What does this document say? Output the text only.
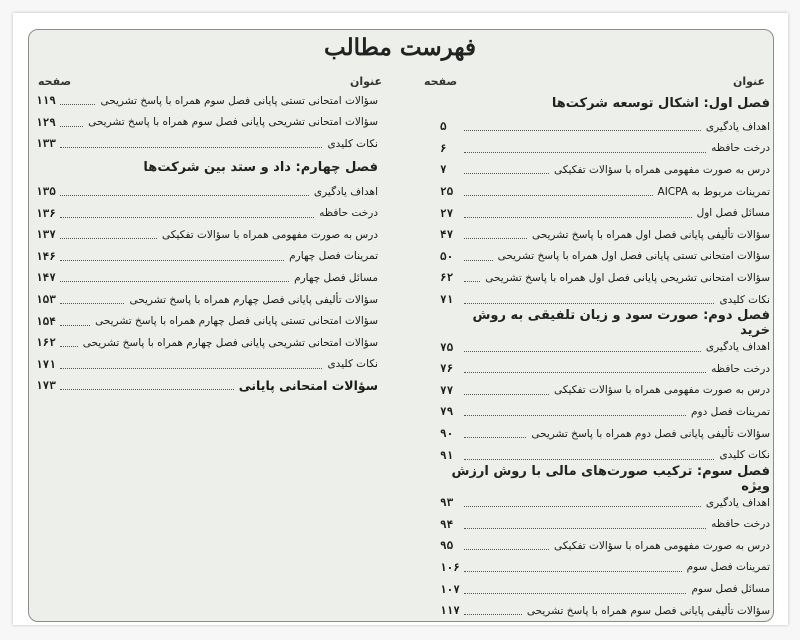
فهرست مطالب
عنوان
صفحه
عنوان
صفحه
فصل اول: اشکال توسعه شرکت‌ها
اهداف یادگیری
۵
درخت حافظه
۶
درس به صورت مفهومی همراه با سؤالات تفکیکی
۷
تمرینات مربوط به AICPA
۲۵
مسائل فصل اول
۲۷
سؤالات تألیفی پایانی فصل اول همراه با پاسخ تشریحی
۴۷
سؤالات امتحانی تستی پایانی فصل اول همراه با پاسخ تشریحی
۵۰
سؤالات امتحانی تشریحی پایانی فصل اول همراه با پاسخ تشریحی
۶۲
نکات کلیدی
۷۱
فصل دوم: صورت سود و زیان تلفیقی به روش خرید
اهداف یادگیری
۷۵
درخت حافظه
۷۶
درس به صورت مفهومی همراه با سؤالات تفکیکی
۷۷
تمرینات فصل دوم
۷۹
سؤالات تألیفی پایانی فصل دوم همراه با پاسخ تشریحی
۹۰
نکات کلیدی
۹۱
فصل سوم: ترکیب صورت‌های مالی با روش ارزش ویژه
اهداف یادگیری
۹۳
درخت حافظه
۹۴
درس به صورت مفهومی همراه با سؤالات تفکیکی
۹۵
تمرینات فصل سوم
۱۰۶
مسائل فصل سوم
۱۰۷
سؤالات تألیفی پایانی فصل سوم همراه با پاسخ تشریحی
۱۱۷
سؤالات امتحانی تستی پایانی فصل سوم همراه با پاسخ تشریحی
۱۱۹
سؤالات امتحانی تشریحی پایانی فصل سوم همراه با پاسخ تشریحی
۱۲۹
نکات کلیدی
۱۳۳
فصل چهارم: داد و ستد بین شرکت‌ها
اهداف یادگیری
۱۳۵
درخت حافظه
۱۳۶
درس به صورت مفهومی همراه با سؤالات تفکیکی
۱۳۷
تمرینات فصل چهارم
۱۴۶
مسائل فصل چهارم
۱۴۷
سؤالات تألیفی پایانی فصل چهارم همراه با پاسخ تشریحی
۱۵۳
سؤالات امتحانی تستی پایانی فصل چهارم همراه با پاسخ تشریحی
۱۵۴
سؤالات امتحانی تشریحی پایانی فصل چهارم همراه با پاسخ تشریحی
۱۶۲
نکات کلیدی
۱۷۱
سؤالات امتحانی پایانی
۱۷۳
